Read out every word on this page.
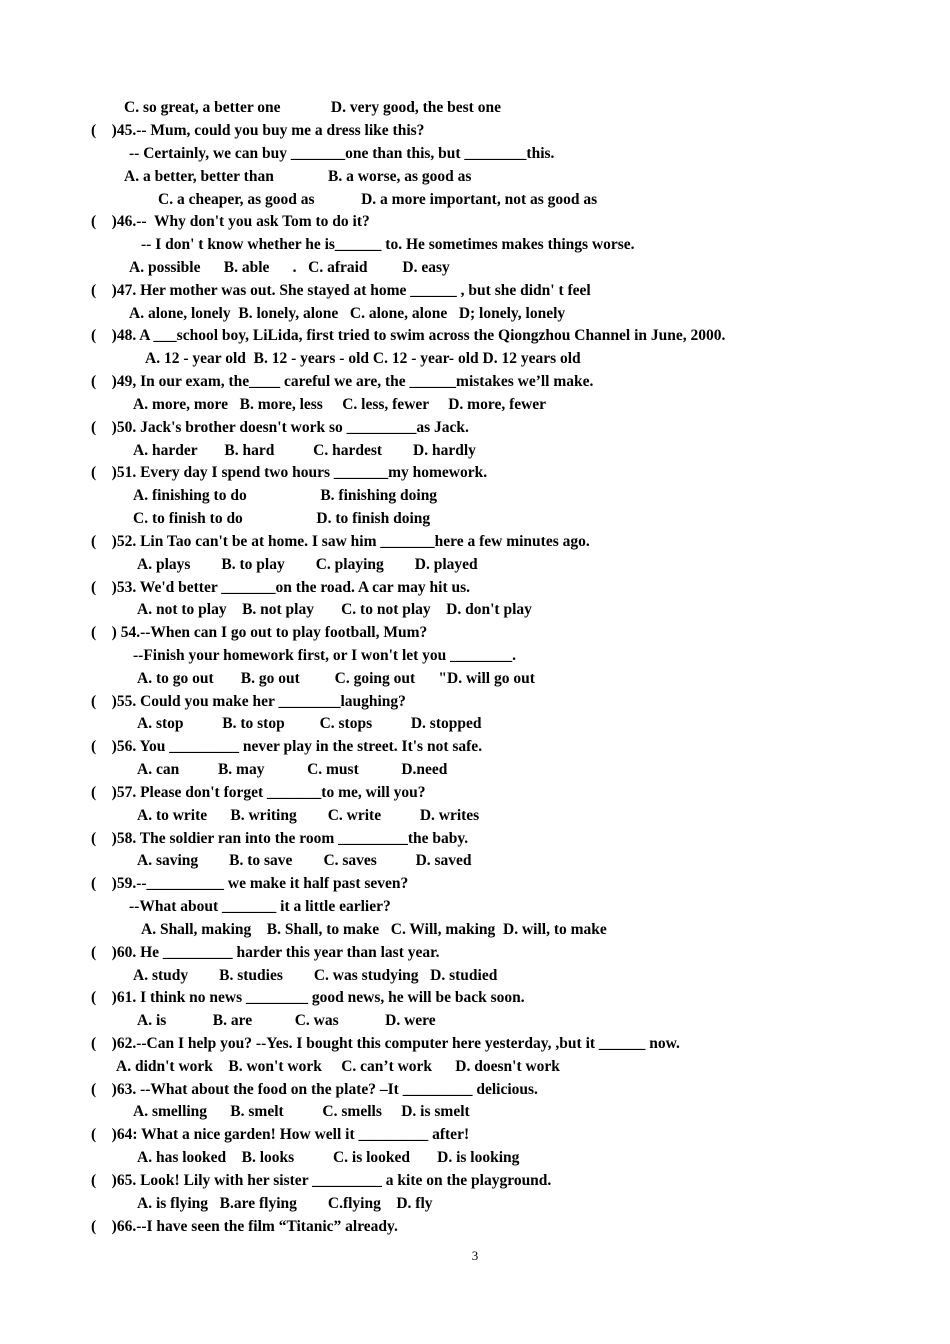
C. so great, a better one             D. very good, the best one
(    )45.-- Mum, could you buy me a dress like this?
-- Certainly, we can buy _______one than this, but ________this.
A. a better, better than              B. a worse, as good as
C. a cheaper, as good as            D. a more important, not as good as
(    )46.--  Why don't you ask Tom to do it?
-- I don' t know whether he is______ to. He sometimes makes things worse.
A. possible      B. able      .   C. afraid         D. easy
(    )47. Her mother was out. She stayed at home ______ , but she didn' t feel
A. alone, lonely  B. lonely, alone   C. alone, alone   D; lonely, lonely
(    )48. A ___school boy, LiLida, first tried to swim across the Qiongzhou Channel in June, 2000.
A. 12 - year old  B. 12 - years - old C. 12 - year- old D. 12 years old
(    )49, In our exam, the____ careful we are, the ______mistakes we’ll make.
A. more, more   B. more, less     C. less, fewer     D. more, fewer
(    )50. Jack's brother doesn't work so _________as Jack.
A. harder       B. hard          C. hardest        D. hardly
(    )51. Every day I spend two hours _______my homework.
A. finishing to do                   B. finishing doing
C. to finish to do                   D. to finish doing
(    )52. Lin Tao can't be at home. I saw him _______here a few minutes ago.
A. plays        B. to play        C. playing        D. played
(    )53. We'd better _______on the road. A car may hit us.
A. not to play    B. not play       C. to not play    D. don't play
(    ) 54.--When can I go out to play football, Mum?
--Finish your homework first, or I won't let you ________.
A. to go out       B. go out         C. going out      "D. will go out
(    )55. Could you make her ________laughing?
A. stop          B. to stop         C. stops          D. stopped
(    )56. You _________ never play in the street. It's not safe.
A. can          B. may           C. must           D.need
(    )57. Please don't forget _______to me, will you?
A. to write      B. writing        C. write          D. writes
(    )58. The soldier ran into the room _________the baby.
A. saving        B. to save        C. saves          D. saved
(    )59.--__________ we make it half past seven?
--What about _______ it a little earlier?
A. Shall, making    B. Shall, to make   C. Will, making  D. will, to make
(    )60. He _________ harder this year than last year.
A. study        B. studies        C. was studying   D. studied
(    )61. I think no news ________ good news, he will be back soon.
A. is            B. are           C. was            D. were
(    )62.--Can I help you? --Yes. I bought this computer here yesterday, ,but it ______ now.
A. didn't work    B. won't work     C. can’t work      D. doesn't work
(    )63. --What about the food on the plate? –It _________ delicious.
A. smelling      B. smelt          C. smells     D. is smelt
(    )64: What a nice garden! How well it _________ after!
A. has looked    B. looks          C. is looked       D. is looking
(    )65. Look! Lily with her sister _________ a kite on the playground.
A. is flying   B.are flying        C.flying    D. fly
(    )66.--I have seen the film “Titanic” already.
3
